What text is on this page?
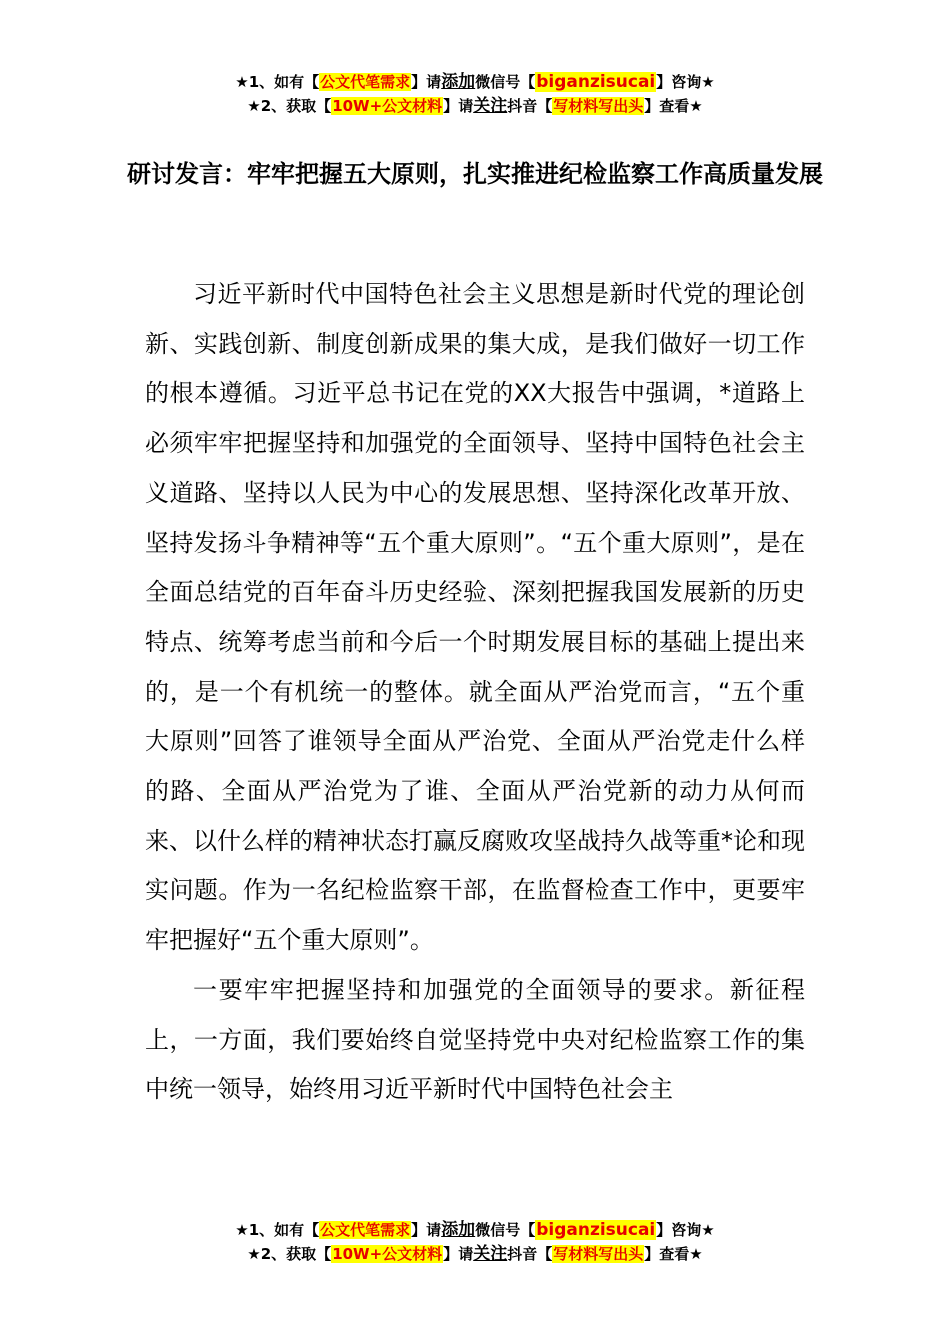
★1、如有【公文代笔需求】请添加微信号【biganzisucai】咨询★
★2、获取【10W+公文材料】请关注抖音【写材料写出头】查看★
研讨发言：牢牢把握五大原则，扎实推进纪检监察工作高质量发展

习近平新时代中国特色社会主义思想是新时代党的理论创新、实践创新、制度创新成果的集大成，是我们做好一切工作的根本遵循。习近平总书记在党的XX大报告中强调，*道路上必须牢牢把握坚持和加强党的全面领导、坚持中国特色社会主义道路、坚持以人民为中心的发展思想、坚持深化改革开放、坚持发扬斗争精神等“五个重大原则”。“五个重大原则”，是在全面总结党的百年奋斗历史经验、深刻把握我国发展新的历史特点、统筹考虑当前和今后一个时期发展目标的基础上提出来的，是一个有机统一的整体。就全面从严治党而言，“五个重大原则”回答了谁领导全面从严治党、全面从严治党走什么样的路、全面从严治党为了谁、全面从严治党新的动力从何而来、以什么样的精神状态打赢反腐败攻坚战持久战等重*论和现实问题。作为一名纪检监察干部，在监督检查工作中，更要牢牢把握好“五个重大原则”。

一要牢牢把握坚持和加强党的全面领导的要求。新征程上，一方面，我们要始终自觉坚持党中央对纪检监察工作的集中统一领导，始终用习近平新时代中国特色社会主

★1、如有【公文代笔需求】请添加微信号【biganzisucai】咨询★
★2、获取【10W+公文材料】请关注抖音【写材料写出头】查看★
